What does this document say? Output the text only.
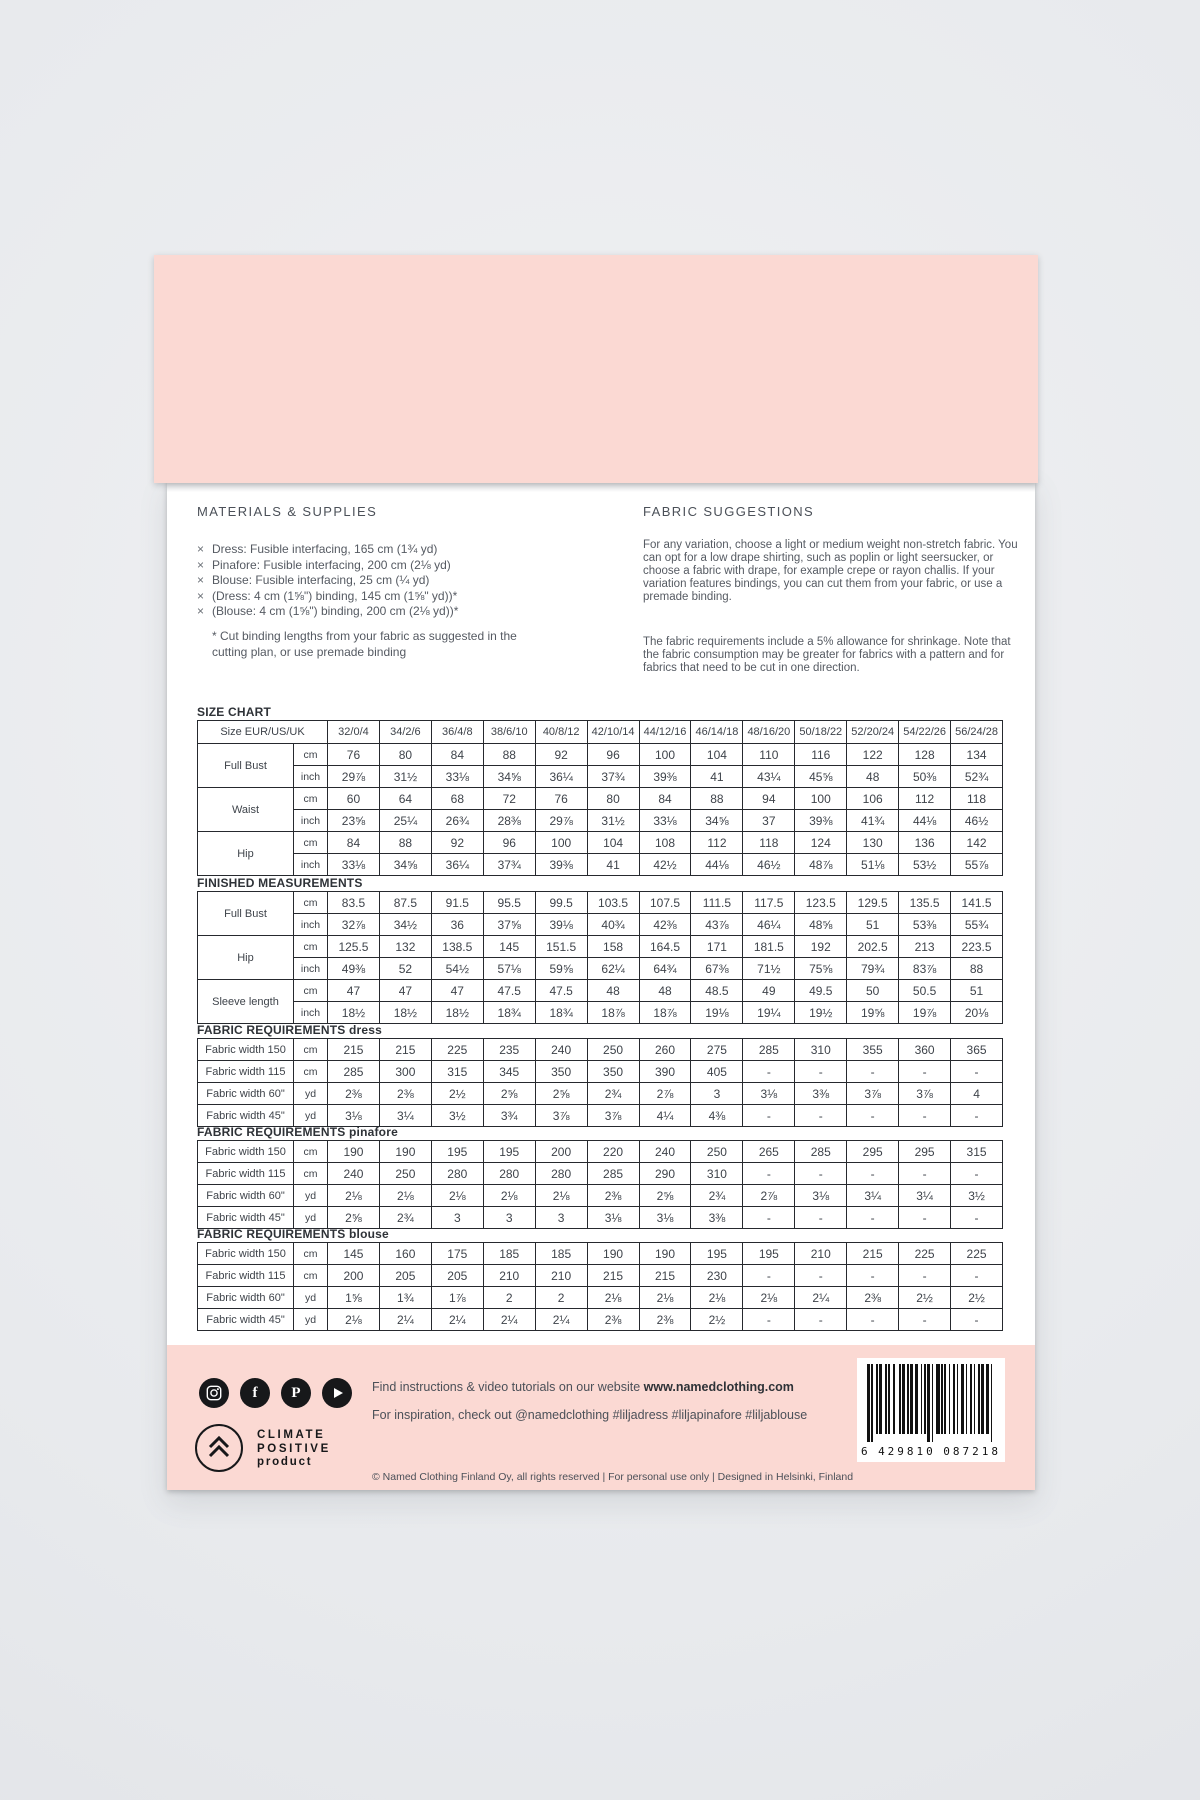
MATERIALS & SUPPLIES
× Dress: Fusible interfacing, 165 cm (1¾ yd)
× Pinafore: Fusible interfacing, 200 cm (2⅛ yd)
× Blouse: Fusible interfacing, 25 cm (¼ yd)
× (Dress: 4 cm (1⅝") binding, 145 cm (1⅝" yd))*
× (Blouse: 4 cm (1⅝") binding, 200 cm (2⅛ yd))*
* Cut binding lengths from your fabric as suggested in the cutting plan, or use premade binding
FABRIC SUGGESTIONS

For any variation, choose a light or medium weight non-stretch fabric. You can opt for a low drape shirting, such as poplin or light seersucker, or choose a fabric with drape, for example crepe or rayon challis. If your variation features bindings, you can cut them from your fabric, or use a premade binding.

The fabric requirements include a 5% allowance for shrinkage. Note that the fabric consumption may be greater for fabrics with a pattern and for fabrics that need to be cut in one direction.

SIZE CHART
Size EUR/US/UK		32/0/4	34/2/6	36/4/8	38/6/10	40/8/12	42/10/14	44/12/16	46/14/18	48/16/20	50/18/22	52/20/24	54/22/26	56/24/28
Full Bust	cm	76	80	84	88	92	96	100	104	110	116	122	128	134
	inch	29⅞	31½	33⅛	34⅝	36¼	37¾	39⅜	41	43¼	45⅝	48	50⅜	52¾
Waist	cm	60	64	68	72	76	80	84	88	94	100	106	112	118
	inch	23⅝	25¼	26¾	28⅜	29⅞	31½	33⅛	34⅝	37	39⅜	41¾	44⅛	46½
Hip	cm	84	88	92	96	100	104	108	112	118	124	130	136	142
	inch	33⅛	34⅝	36¼	37¾	39⅜	41	42½	44⅛	46½	48⅞	51⅛	53½	55⅞
FINISHED MEASUREMENTS
Full Bust	cm	83.5	87.5	91.5	95.5	99.5	103.5	107.5	111.5	117.5	123.5	129.5	135.5	141.5
	inch	32⅞	34½	36	37⅝	39⅛	40¾	42⅜	43⅞	46¼	48⅝	51	53⅜	55¾
Hip	cm	125.5	132	138.5	145	151.5	158	164.5	171	181.5	192	202.5	213	223.5
	inch	49⅜	52	54½	57⅛	59⅝	62¼	64¾	67⅜	71½	75⅝	79¾	83⅞	88
Sleeve length	cm	47	47	47	47.5	47.5	48	48	48.5	49	49.5	50	50.5	51
	inch	18½	18½	18½	18¾	18¾	18⅞	18⅞	19⅛	19¼	19½	19⅝	19⅞	20⅛
FABRIC REQUIREMENTS dress
Fabric width 150	cm	215	215	225	235	240	250	260	275	285	310	355	360	365
Fabric width 115	cm	285	300	315	345	350	350	390	405	-	-	-	-	-
Fabric width 60"	yd	2⅜	2⅜	2½	2⅝	2⅝	2¾	2⅞	3	3⅛	3⅜	3⅞	3⅞	4
Fabric width 45"	yd	3⅛	3¼	3½	3¾	3⅞	3⅞	4¼	4⅜	-	-	-	-	-
FABRIC REQUIREMENTS pinafore
Fabric width 150	cm	190	190	195	195	200	220	240	250	265	285	295	295	315
Fabric width 115	cm	240	250	280	280	280	285	290	310	-	-	-	-	-
Fabric width 60"	yd	2⅛	2⅛	2⅛	2⅛	2⅛	2⅜	2⅝	2¾	2⅞	3⅛	3¼	3¼	3½
Fabric width 45"	yd	2⅝	2¾	3	3	3	3⅛	3⅛	3⅜	-	-	-	-	-
FABRIC REQUIREMENTS blouse
Fabric width 150	cm	145	160	175	185	185	190	190	195	195	210	215	225	225
Fabric width 115	cm	200	205	205	210	210	215	215	230	-	-	-	-	-
Fabric width 60"	yd	1⅝	1¾	1⅞	2	2	2⅛	2⅛	2⅛	2⅛	2¼	2⅜	2½	2½
Fabric width 45"	yd	2⅛	2¼	2¼	2¼	2¼	2⅜	2⅜	2½	-	-	-	-	-
f P	Find instructions & video tutorials on our website www.namedclothing.com
For inspiration, check out @namedclothing #liljadress #liljapinafore #liljablouse
CLIMATE
POSITIVE
product
© Named Clothing Finland Oy, all rights reserved | For personal use only | Designed in Helsinki, Finland
6 429810 087218
